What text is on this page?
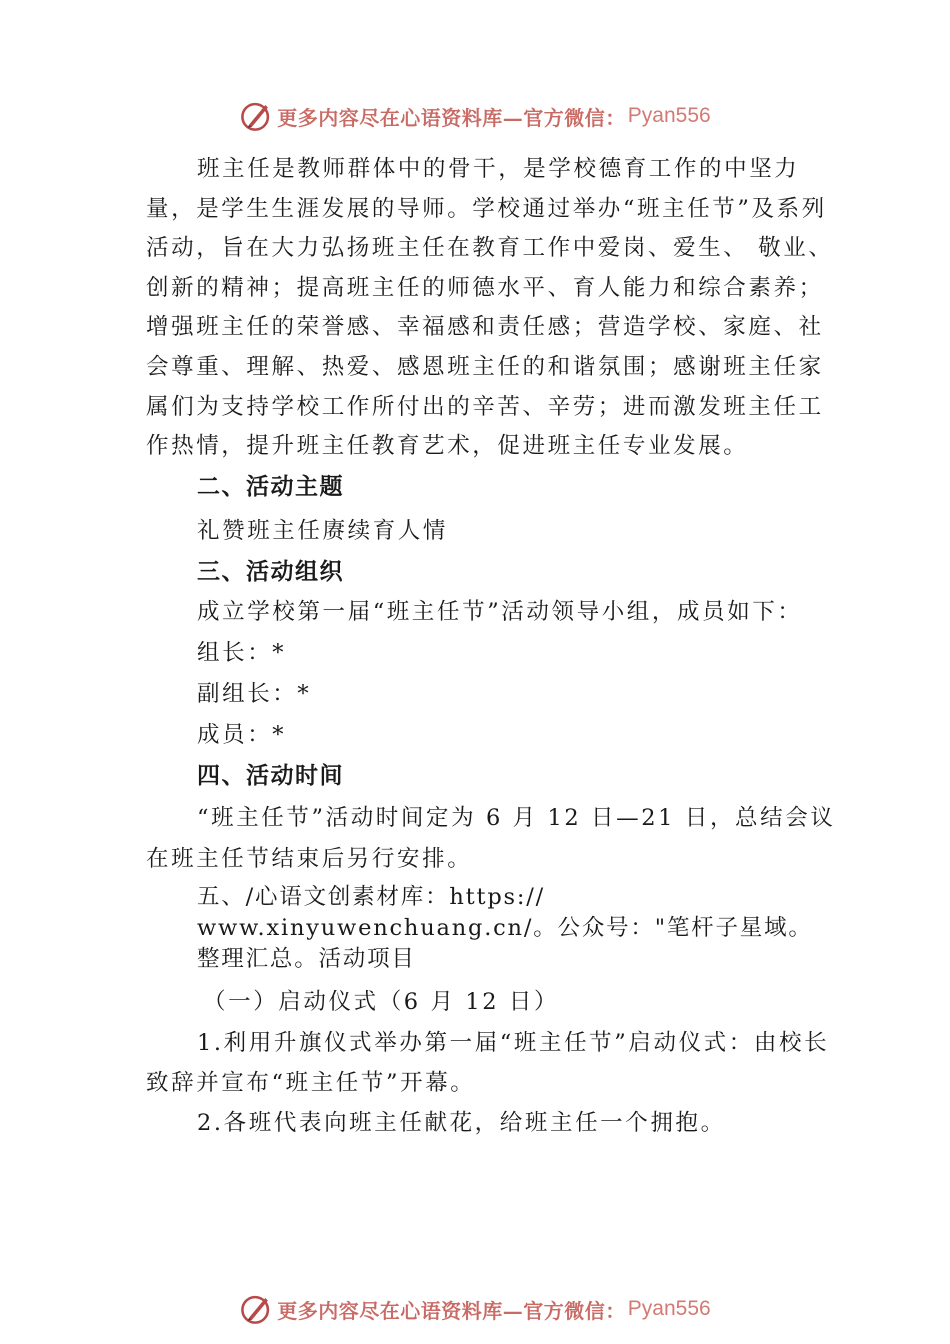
更多内容尽在心语资料库—官方微信： Pyan556

班主任是教师群体中的骨干，是学校德育工作的中坚力量，是学生生涯发展的导师。学校通过举办“班主任节”及系列活动，旨在大力弘扬班主任在教育工作中爱岗、爱生、 敬业、创新的精神；提高班主任的师德水平、育人能力和综合素养；增强班主任的荣誉感、幸福感和责任感；营造学校、家庭、社会尊重、理解、热爱、感恩班主任的和谐氛围；感谢班主任家属们为支持学校工作所付出的辛苦、辛劳；进而激发班主任工作热情，提升班主任教育艺术，促进班主任专业发展。

二、活动主题

礼赞班主任赓续育人情

三、活动组织

成立学校第一届“班主任节”活动领导小组，成员如下：

组长：*

副组长：*

成员：*

四、活动时间

“班主任节”活动时间定为 6 月 12 日—21 日，总结会议在班主任节结束后另行安排。

五、/心语文创素材库：https://

www.xinyuwenchuang.cn/。公众号："笔杆子星域。整理汇总。活动项目

（一）启动仪式（6 月 12 日）

1.利用升旗仪式举办第一届“班主任节”启动仪式：由校长致辞并宣布“班主任节”开幕。

2.各班代表向班主任献花，给班主任一个拥抱。

更多内容尽在心语资料库—官方微信： Pyan556
